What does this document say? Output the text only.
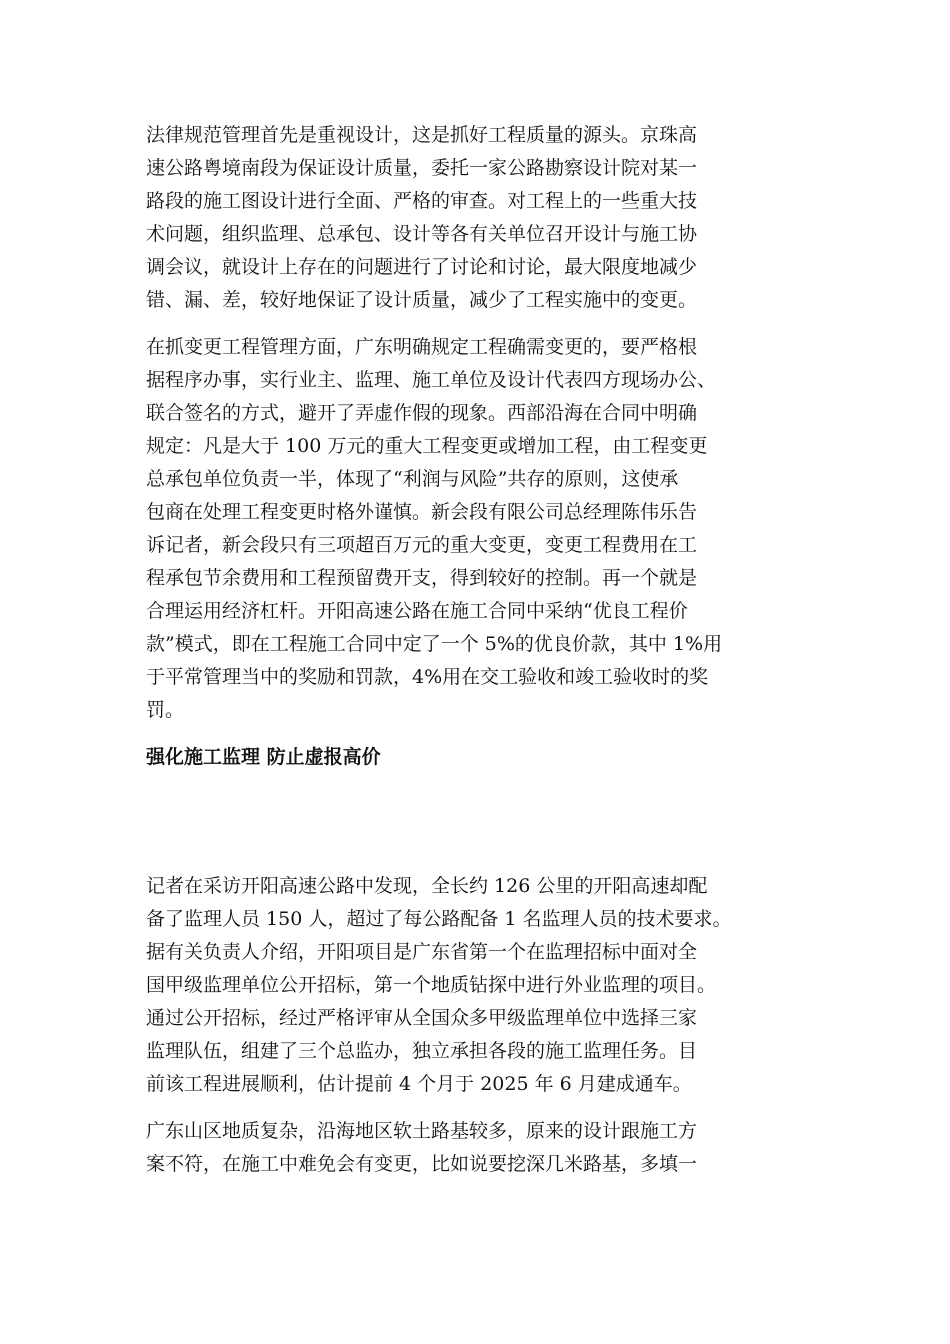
法律规范管理首先是重视设计，这是抓好工程质量的源头。京珠高
速公路粤境南段为保证设计质量，委托一家公路勘察设计院对某一
路段的施工图设计进行全面、严格的审查。对工程上的一些重大技
术问题，组织监理、总承包、设计等各有关单位召开设计与施工协
调会议，就设计上存在的问题进行了讨论和讨论，最大限度地减少
错、漏、差，较好地保证了设计质量，减少了工程实施中的变更。

在抓变更工程管理方面，广东明确规定工程确需变更的，要严格根
据程序办事，实行业主、监理、施工单位及设计代表四方现场办公、
联合签名的方式，避开了弄虚作假的现象。西部沿海在合同中明确
规定：凡是大于 100 万元的重大工程变更或增加工程，由工程变更
总承包单位负责一半，体现了“利润与风险”共存的原则，这使承
包商在处理工程变更时格外谨慎。新会段有限公司总经理陈伟乐告
诉记者，新会段只有三项超百万元的重大变更，变更工程费用在工
程承包节余费用和工程预留费开支，得到较好的控制。再一个就是
合理运用经济杠杆。开阳高速公路在施工合同中采纳“优良工程价
款”模式，即在工程施工合同中定了一个 5%的优良价款，其中 1%用
于平常管理当中的奖励和罚款，4%用在交工验收和竣工验收时的奖
罚。

强化施工监理 防止虚报高价

记者在采访开阳高速公路中发现，全长约 126 公里的开阳高速却配
备了监理人员 150 人，超过了每公路配备 1 名监理人员的技术要求。
据有关负责人介绍，开阳项目是广东省第一个在监理招标中面对全
国甲级监理单位公开招标，第一个地质钻探中进行外业监理的项目。
通过公开招标，经过严格评审从全国众多甲级监理单位中选择三家
监理队伍，组建了三个总监办，独立承担各段的施工监理任务。目
前该工程进展顺利，估计提前 4 个月于 2025 年 6 月建成通车。

广东山区地质复杂，沿海地区软土路基较多，原来的设计跟施工方
案不符，在施工中难免会有变更，比如说要挖深几米路基，多填一
